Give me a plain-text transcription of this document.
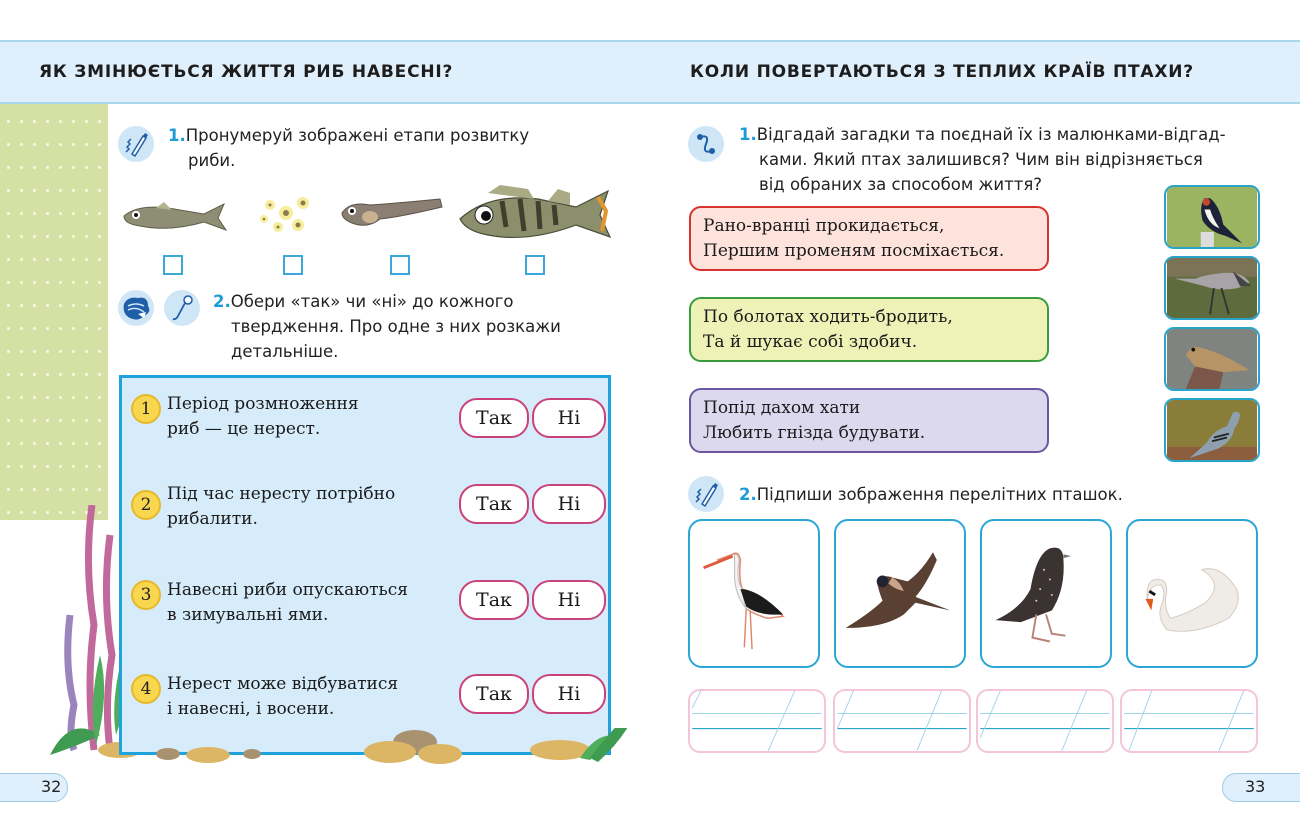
ЯК ЗМІНЮЄТЬСЯ ЖИТТЯ РИБ НАВЕСНІ?	КОЛИ ПОВЕРТАЮТЬСЯ З ТЕПЛИХ КРАЇВ ПТАХИ?
1.Пронумеруй зображені етапи розвитку
риби.
2.Обери «так» чи «ні» до кожного
твердження. Про одне з них розкажи
детальніше.
1 Період розмноження
риб — це нерест.	Так	Ні
2
Під час нересту потрібно
рибалити.
Так	Ні
3 Навесні риби опускаються
в зимувальні ями.
Так	Ні
4 Нерест може відбуватися
і навесні, і восени.
Так	Ні
32
1.Відгадай загадки та поєднай їх із малюнками-відгад-
ками. Який птах залишився? Чим він відрізняється
від обраних за способом життя?
Рано-вранці прокидається,
Першим променям посміхається.
По болотах ходить-бродить,
Та й шукає собі здобич.
Попід дахом хати
Любить гнізда будувати.
2.Підпиши зображення перелітних пташок.
33
